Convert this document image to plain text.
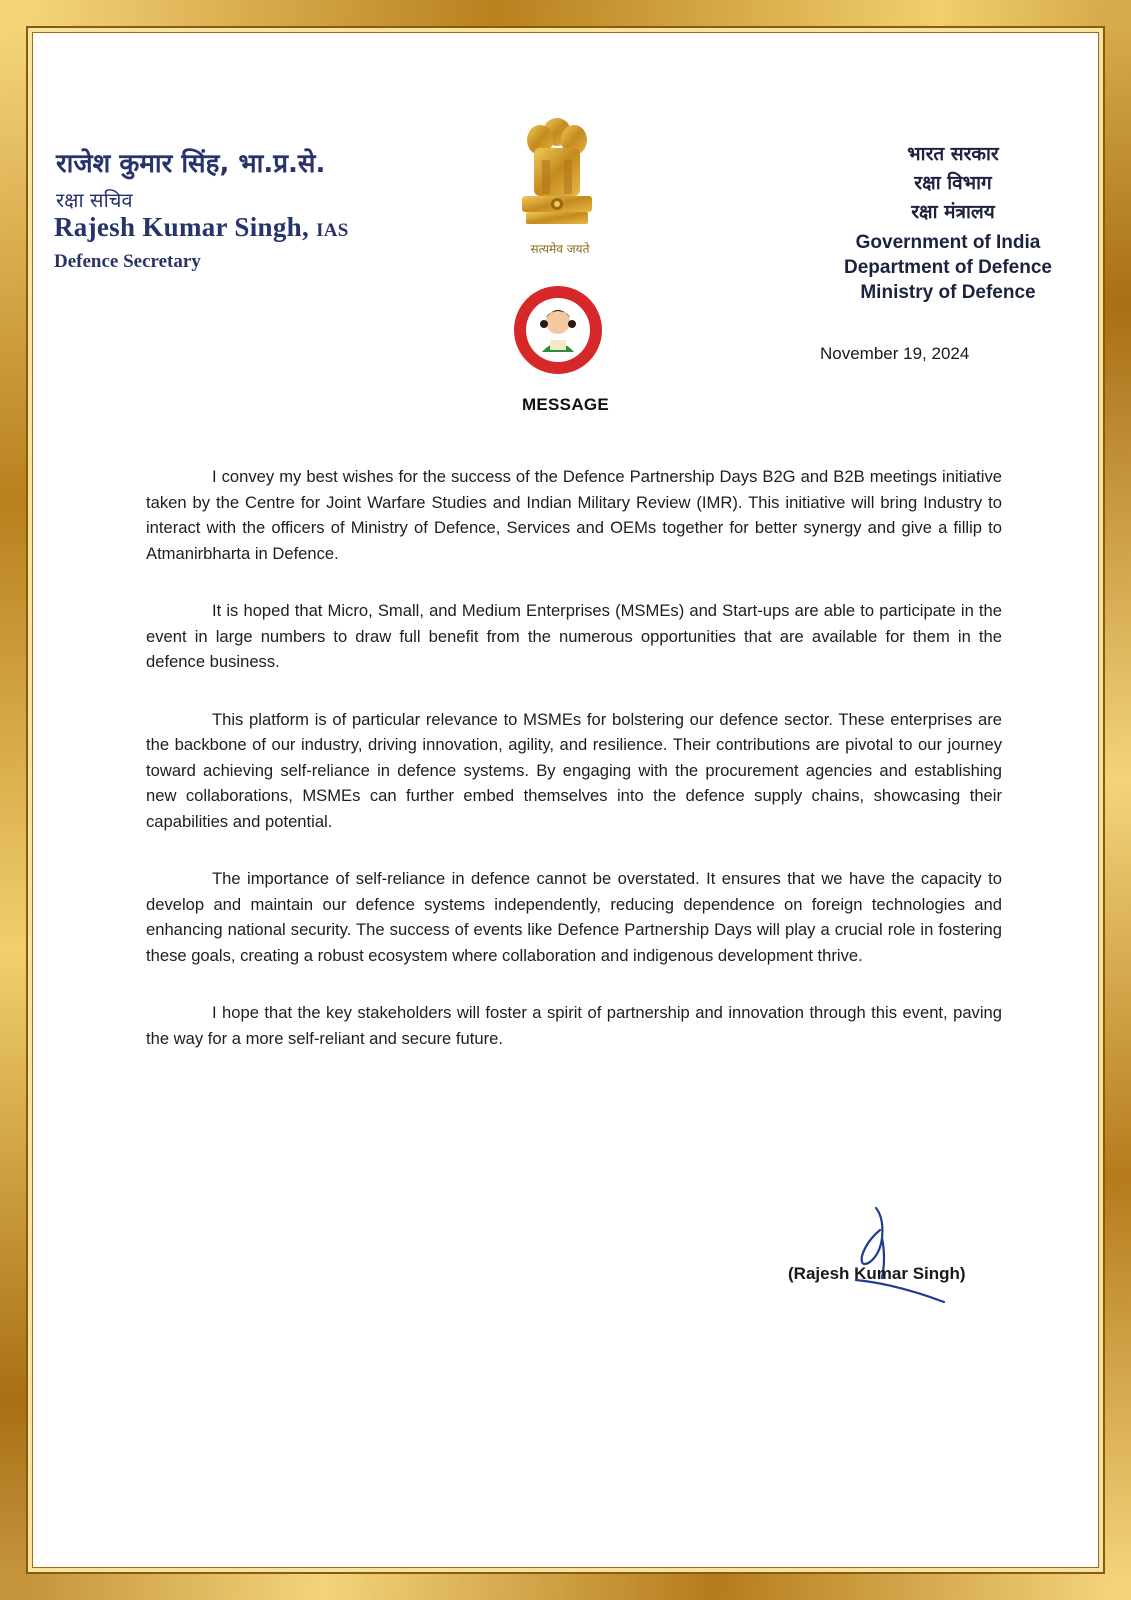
राजेश कुमार सिंह, भा.प्र.से.
रक्षा सचिव
Rajesh Kumar Singh, IAS
Defence Secretary
सत्यमेव जयते
भारत सरकार
रक्षा विभाग
रक्षा मंत्रालय
Government of India
Department of Defence
Ministry of Defence
November 19, 2024
MESSAGE

I convey my best wishes for the success of the Defence Partnership Days B2G and B2B meetings initiative taken by the Centre for Joint Warfare Studies and Indian Military Review (IMR). This initiative will bring Industry to interact with the officers of Ministry of Defence, Services and OEMs together for better synergy and give a fillip to Atmanirbharta in Defence.

It is hoped that Micro, Small, and Medium Enterprises (MSMEs) and Start-ups are able to participate in the event in large numbers to draw full benefit from the numerous opportunities that are available for them in the defence business.

This platform is of particular relevance to MSMEs for bolstering our defence sector. These enterprises are the backbone of our industry, driving innovation, agility, and resilience. Their contributions are pivotal to our journey toward achieving self-reliance in defence systems. By engaging with the procurement agencies and establishing new collaborations, MSMEs can further embed themselves into the defence supply chains, showcasing their capabilities and potential.

The importance of self-reliance in defence cannot be overstated. It ensures that we have the capacity to develop and maintain our defence systems independently, reducing dependence on foreign technologies and enhancing national security. The success of events like Defence Partnership Days will play a crucial role in fostering these goals, creating a robust ecosystem where collaboration and indigenous development thrive.

I hope that the key stakeholders will foster a spirit of partnership and innovation through this event, paving the way for a more self-reliant and secure future.

(Rajesh Kumar Singh)
